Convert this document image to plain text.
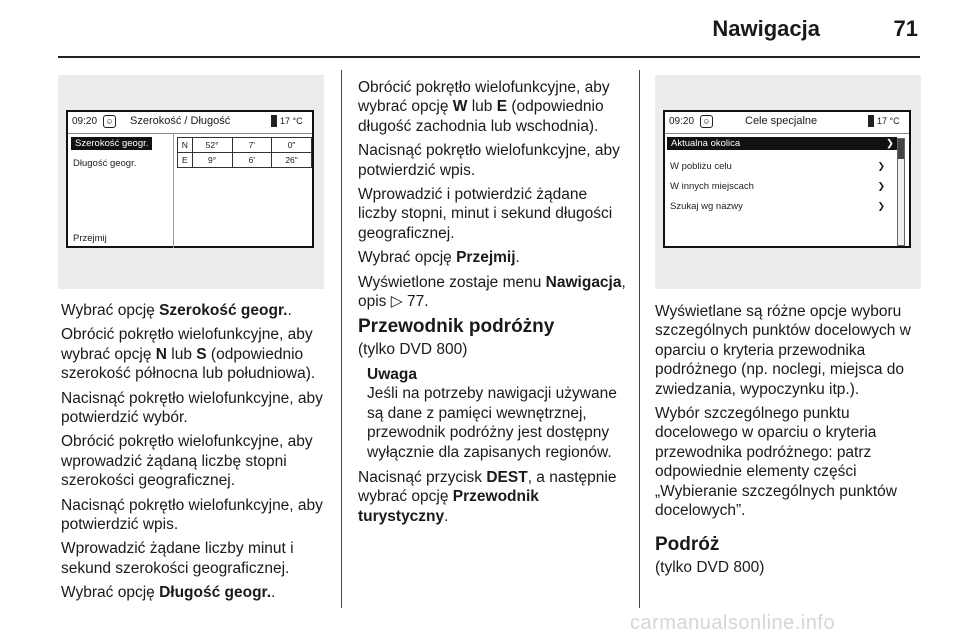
Nawigacja	71
09:20	☺ Szerokość / Długość	17 °C
Szerokość geogr.
Długość geogr.
Przejmij
N	52°	7'	0"
E	9°	6'	26"
09:20	☺	Cele specjalne	17 °C
Aktualna okolica	❯
W pobliżu celu	❯
W innych miejscach	❯
Szukaj wg nazwy	❯

Wybrać opcję Szerokość geogr..

Obrócić pokrętło wielofunkcyjne, aby wybrać opcję N lub S (odpowiednio szerokość północna lub południowa).

Nacisnąć pokrętło wielofunkcyjne, aby potwierdzić wybór.

Obrócić pokrętło wielofunkcyjne, aby wprowadzić żądaną liczbę stopni szerokości geograficznej.

Nacisnąć pokrętło wielofunkcyjne, aby potwierdzić wpis.

Wprowadzić żądane liczby minut i sekund szerokości geograficznej.

Wybrać opcję Długość geogr..

Obrócić pokrętło wielofunkcyjne, aby wybrać opcję W lub E (odpowiednio długość zachodnia lub wschodnia).

Nacisnąć pokrętło wielofunkcyjne, aby potwierdzić wpis.

Wprowadzić i potwierdzić żądane liczby stopni, minut i sekund długości geograficznej.

Wybrać opcję Przejmij.

Wyświetlone zostaje menu Nawigacja, opis ▷ 77.

Przewodnik podróżny

(tylko DVD 800)

Uwaga
Jeśli na potrzeby nawigacji używane są dane z pamięci wewnętrznej, przewodnik podróżny jest dostępny wyłącznie dla zapisanych regionów.

Nacisnąć przycisk DEST, a następnie wybrać opcję Przewodnik turystyczny.

Wyświetlane są różne opcje wyboru szczególnych punktów docelowych w oparciu o kryteria przewodnika podróżnego (np. noclegi, miejsca do zwiedzania, wypoczynku itp.).

Wybór szczególnego punktu docelowego w oparciu o kryteria przewodnika podróżnego: patrz odpowiednie elementy części „Wybieranie szczególnych punktów docelowych”.

Podróż

(tylko DVD 800)

carmanualsonline.info
